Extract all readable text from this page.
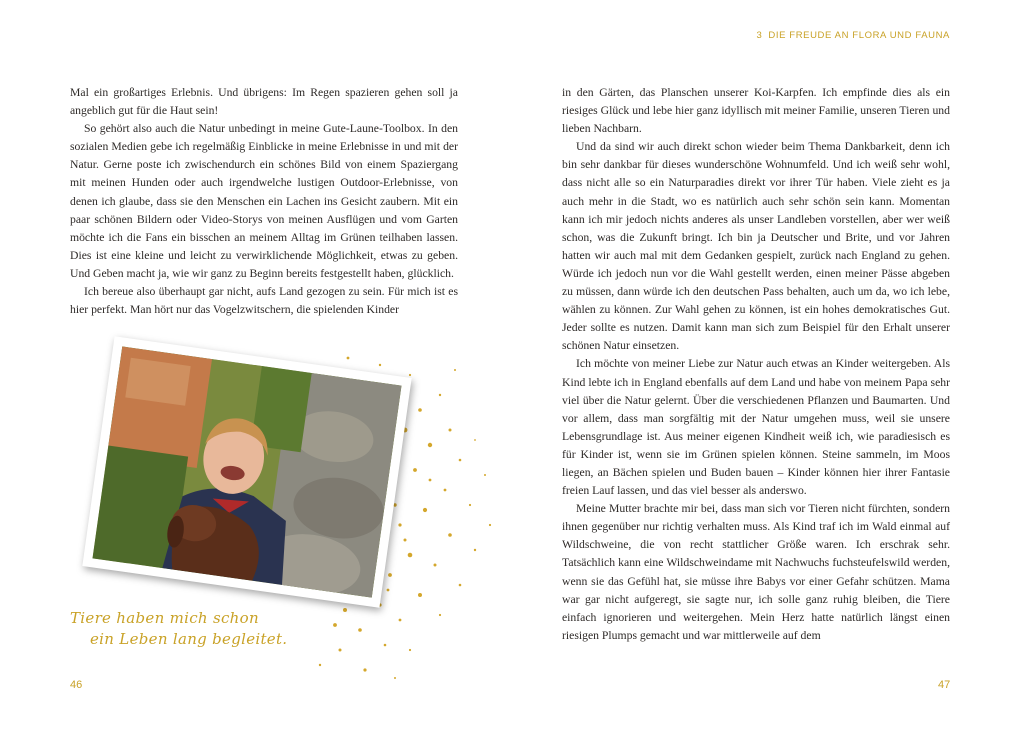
Mal ein großartiges Erlebnis. Und übrigens: Im Regen spazieren gehen soll ja angeblich gut für die Haut sein!

So gehört also auch die Natur unbedingt in meine Gute-Laune-Toolbox. In den sozialen Medien gebe ich regelmäßig Einblicke in meine Erlebnisse in und mit der Natur. Gerne poste ich zwischendurch ein schönes Bild von einem Spaziergang mit meinen Hunden oder auch irgendwelche lustigen Outdoor-Erlebnisse, von denen ich glaube, dass sie den Menschen ein Lachen ins Gesicht zaubern. Mit ein paar schönen Bildern oder Video-Storys von meinen Ausflügen und vom Garten möchte ich die Fans ein bisschen an meinem Alltag im Grünen teilhaben lassen. Dies ist eine kleine und leicht zu verwirklichende Möglichkeit, etwas zu geben. Und Geben macht ja, wie wir ganz zu Beginn bereits festgestellt haben, glücklich.

Ich bereue also überhaupt gar nicht, aufs Land gezogen zu sein. Für mich ist es hier perfekt. Man hört nur das Vogelzwitschern, die spielenden Kinder

Tiere haben mich schon
ein Leben lang begleitet.
46
3 DIE FREUDE AN FLORA UND FAUNA

in den Gärten, das Planschen unserer Koi-Karpfen. Ich empfinde dies als ein riesiges Glück und lebe hier ganz idyllisch mit meiner Familie, unseren Tieren und lieben Nachbarn.

Und da sind wir auch direkt schon wieder beim Thema Dankbarkeit, denn ich bin sehr dankbar für dieses wunderschöne Wohnumfeld. Und ich weiß sehr wohl, dass nicht alle so ein Naturparadies direkt vor ihrer Tür haben. Viele zieht es ja auch mehr in die Stadt, wo es natürlich auch sehr schön sein kann. Momentan kann ich mir jedoch nichts anderes als unser Landleben vorstellen, aber wer weiß schon, was die Zukunft bringt. Ich bin ja Deutscher und Brite, und vor Jahren hatten wir auch mal mit dem Gedanken gespielt, zurück nach England zu gehen. Würde ich jedoch nun vor die Wahl gestellt werden, einen meiner Pässe abgeben zu müssen, dann würde ich den deutschen Pass behalten, auch um da, wo ich lebe, wählen zu können. Zur Wahl gehen zu können, ist ein hohes demokratisches Gut. Jeder sollte es nutzen. Damit kann man sich zum Beispiel für den Erhalt unserer schönen Natur einsetzen.

Ich möchte von meiner Liebe zur Natur auch etwas an Kinder weitergeben. Als Kind lebte ich in England ebenfalls auf dem Land und habe von meinem Papa sehr viel über die Natur gelernt. Über die verschiedenen Pflanzen und Baumarten. Und vor allem, dass man sorgfältig mit der Natur umgehen muss, weil sie unsere Lebensgrundlage ist. Aus meiner eigenen Kindheit weiß ich, wie paradiesisch es für Kinder ist, wenn sie im Grünen spielen können. Steine sammeln, im Moos liegen, an Bächen spielen und Buden bauen – Kinder können hier ihrer Fantasie freien Lauf lassen, und das viel besser als anderswo.

Meine Mutter brachte mir bei, dass man sich vor Tieren nicht fürchten, sondern ihnen gegenüber nur richtig verhalten muss. Als Kind traf ich im Wald einmal auf Wildschweine, die von recht stattlicher Größe waren. Ich erschrak sehr. Tatsächlich kann eine Wildschweindame mit Nachwuchs fuchsteufelswild werden, wenn sie das Gefühl hat, sie müsse ihre Babys vor einer Gefahr schützen. Mama war gar nicht aufgeregt, sie sagte nur, ich solle ganz ruhig bleiben, die Tiere einfach ignorieren und weitergehen. Mein Herz hatte natürlich längst einen riesigen Plumps gemacht und war mittlerweile auf dem

47
